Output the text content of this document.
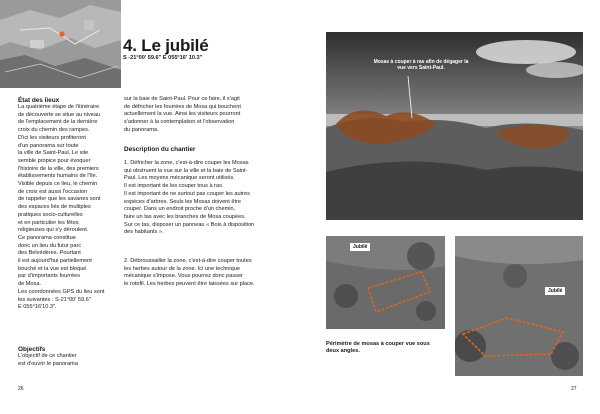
4. Le jubilé
S -21°00' 59.6" E 055°16' 10.3"
État des lieux
La quatrième étape de l'itinéraire
de découverte se situe au niveau
de l'emplacement de la dernière
croix du chemin des rampes.
D'ici les visiteurs profiteront
d'un panorama sur toute
la ville de Saint-Paul. Le site
semble propice pour évoquer
l'histoire de la ville, des premiers
établissements humains de l'île.
Visible depuis ce lieu, le chemin
de croix est aussi l'occasion
de rappeler que les savanes sont
des espaces liés de multiples
pratiques socio-culturelles
et en particulier les fêtes
religieuses qui s'y déroulent.
Ce panorama constitue
donc un lieu du futur parc
des Belvédères. Pourtant
il est aujourd'hui partiellement
bouché et la vue est bloqué
par d'importants fourrées
de Mosa.
Les coordonnées GPS du lieu sont
les suivantes : S-21°00' 59.6"
E 055°16'10.3".
Objectifs
L'objectif de ce chantier
est d'ouvrir le panorama
sur la baie de Saint-Paul. Pour ce faire, il s'agit
de défricher les fourrées de Mosa qui bouchent
actuellement la vue. Ainsi les visiteurs pourront
s'adonner à la contemplation et l'observation
du panorama.
Description du chantier
1. Défricher la zone, c'est-à-dire couper les Mosas
qui obstruent la vue sur la ville et la baie de Saint-
Paul. Les moyens mécanique seront utilisés.
Il est important de les couper tous à ras.
Il est important de ne surtout pas couper les autres
espèces d'arbres. Seuls les Mosas doivent être
couper. Dans un endroit proche d'un chemin,
faire un tas avec les branches de Mosa coupées.
Sur ce tas, disposer un panneau « Bois à disposition
des habitants ».
2. Débroussailler la zone, c'est-à-dire couper toutes
les herbes autour de la zone. Ici une technique
mécanique s'impose. Vous pourrez donc passer
le rotofil. Les herbes peuvent être laissées sur place.
26
Mosas à couper à ras afin de dégager la vue vers Saint-Paul.
Jubilé
Jubilé
Périmètre de mosas à couper vue sous
deux angles.
27
